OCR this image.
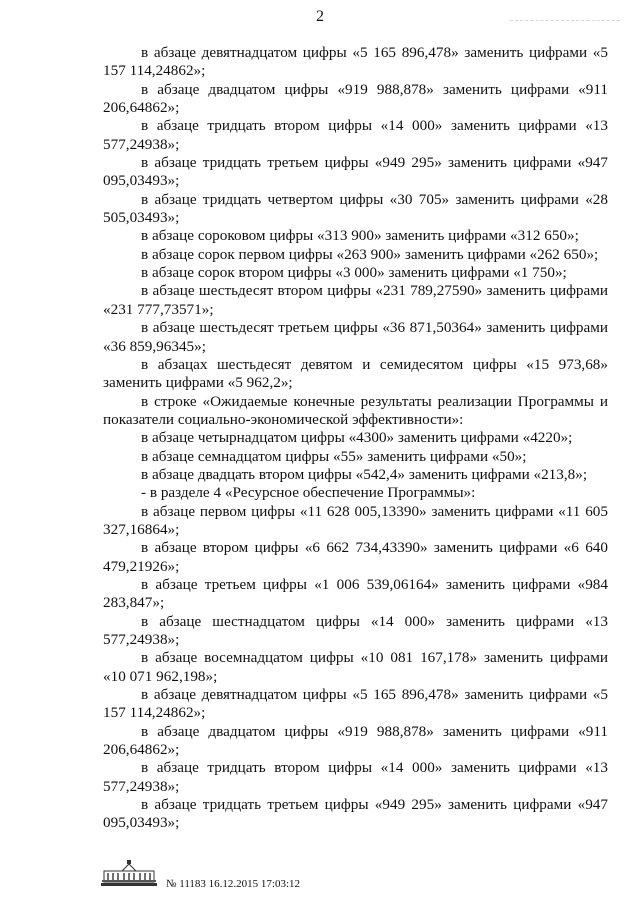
2

в абзаце девятнадцатом цифры «5 165 896,478» заменить цифрами «5 157 114,24862»;

в абзаце двадцатом цифры «919 988,878» заменить цифрами «911 206,64862»;

в абзаце тридцать втором цифры «14 000» заменить цифрами «13 577,24938»;

в абзаце тридцать третьем цифры «949 295» заменить цифрами «947 095,03493»;

в абзаце тридцать четвертом цифры «30 705» заменить цифрами «28 505,03493»;

в абзаце сороковом цифры «313 900» заменить цифрами «312 650»;

в абзаце сорок первом цифры «263 900» заменить цифрами «262 650»;

в абзаце сорок втором цифры «3 000» заменить цифрами «1 750»;

в абзаце шестьдесят втором цифры «231 789,27590» заменить цифрами «231 777,73571»;

в абзаце шестьдесят третьем цифры «36 871,50364» заменить цифрами «36 859,96345»;

в абзацах шестьдесят девятом и семидесятом цифры «15 973,68» заменить цифрами «5 962,2»;

в строке «Ожидаемые конечные результаты реализации Программы и показатели социально-экономической эффективности»:

в абзаце четырнадцатом цифры «4300» заменить цифрами «4220»;

в абзаце семнадцатом цифры «55» заменить цифрами «50»;

в абзаце двадцать втором цифры «542,4» заменить цифрами «213,8»;

- в разделе 4 «Ресурсное обеспечение Программы»:

в абзаце первом цифры «11 628 005,13390» заменить цифрами «11 605 327,16864»;

в абзаце втором цифры «6 662 734,43390» заменить цифрами «6 640 479,21926»;

в абзаце третьем цифры «1 006 539,06164» заменить цифрами «984 283,847»;

в абзаце шестнадцатом цифры «14 000» заменить цифрами «13 577,24938»;

в абзаце восемнадцатом цифры «10 081 167,178» заменить цифрами «10 071 962,198»;

в абзаце девятнадцатом цифры «5 165 896,478» заменить цифрами «5 157 114,24862»;

в абзаце двадцатом цифры «919 988,878» заменить цифрами «911 206,64862»;

в абзаце тридцать втором цифры «14 000» заменить цифрами «13 577,24938»;

в абзаце тридцать третьем цифры «949 295» заменить цифрами «947 095,03493»;

№ 11183 16.12.2015 17:03:12
